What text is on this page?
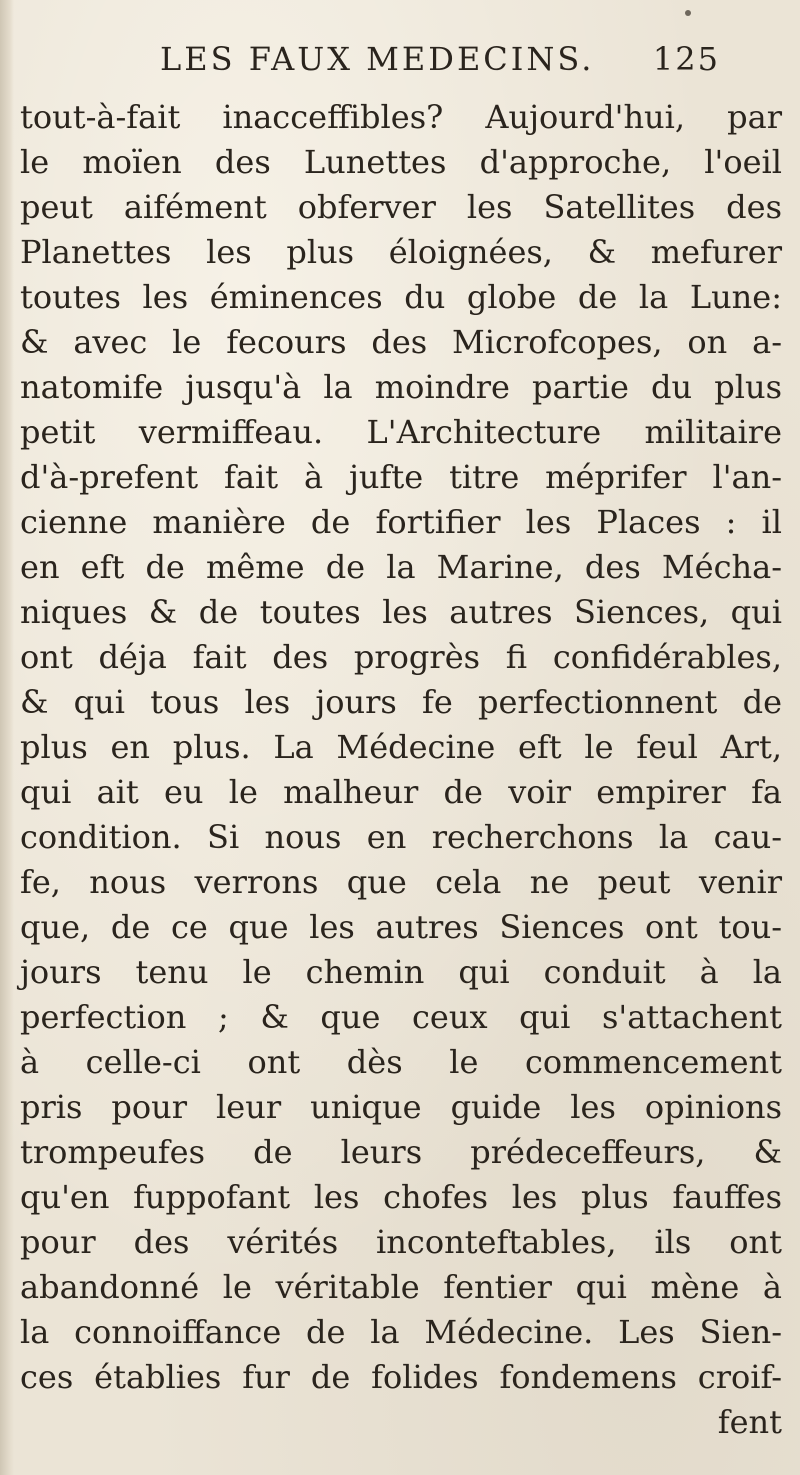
LES FAUX MEDECINS. 125
tout-à-fait inacceffibles? Aujourd'hui, par
le moïen des Lunettes d'approche, l'oeil
peut aifément obferver les Satellites des
Planettes les plus éloignées, & mefurer
toutes les éminences du globe de la Lune:
& avec le fecours des Microfcopes, on a-
natomife jusqu'à la moindre partie du plus
petit vermiffeau. L'Architecture militaire
d'à-prefent fait à jufte titre méprifer l'an-
cienne manière de fortifier les Places : il
en eft de même de la Marine, des Mécha-
niques & de toutes les autres Siences, qui
ont déja fait des progrès fi confidérables,
& qui tous les jours fe perfectionnent de
plus en plus. La Médecine eft le feul Art,
qui ait eu le malheur de voir empirer fa
condition. Si nous en recherchons la cau-
fe, nous verrons que cela ne peut venir
que, de ce que les autres Siences ont tou-
jours tenu le chemin qui conduit à la
perfection ; & que ceux qui s'attachent
à celle-ci ont dès le commencement
pris pour leur unique guide les opinions
trompeufes de leurs prédeceffeurs, &
qu'en fuppofant les chofes les plus fauffes
pour des vérités inconteftables, ils ont
abandonné le véritable fentier qui mène à
la connoiffance de la Médecine. Les Sien-
ces établies fur de folides fondemens croif-
fent
